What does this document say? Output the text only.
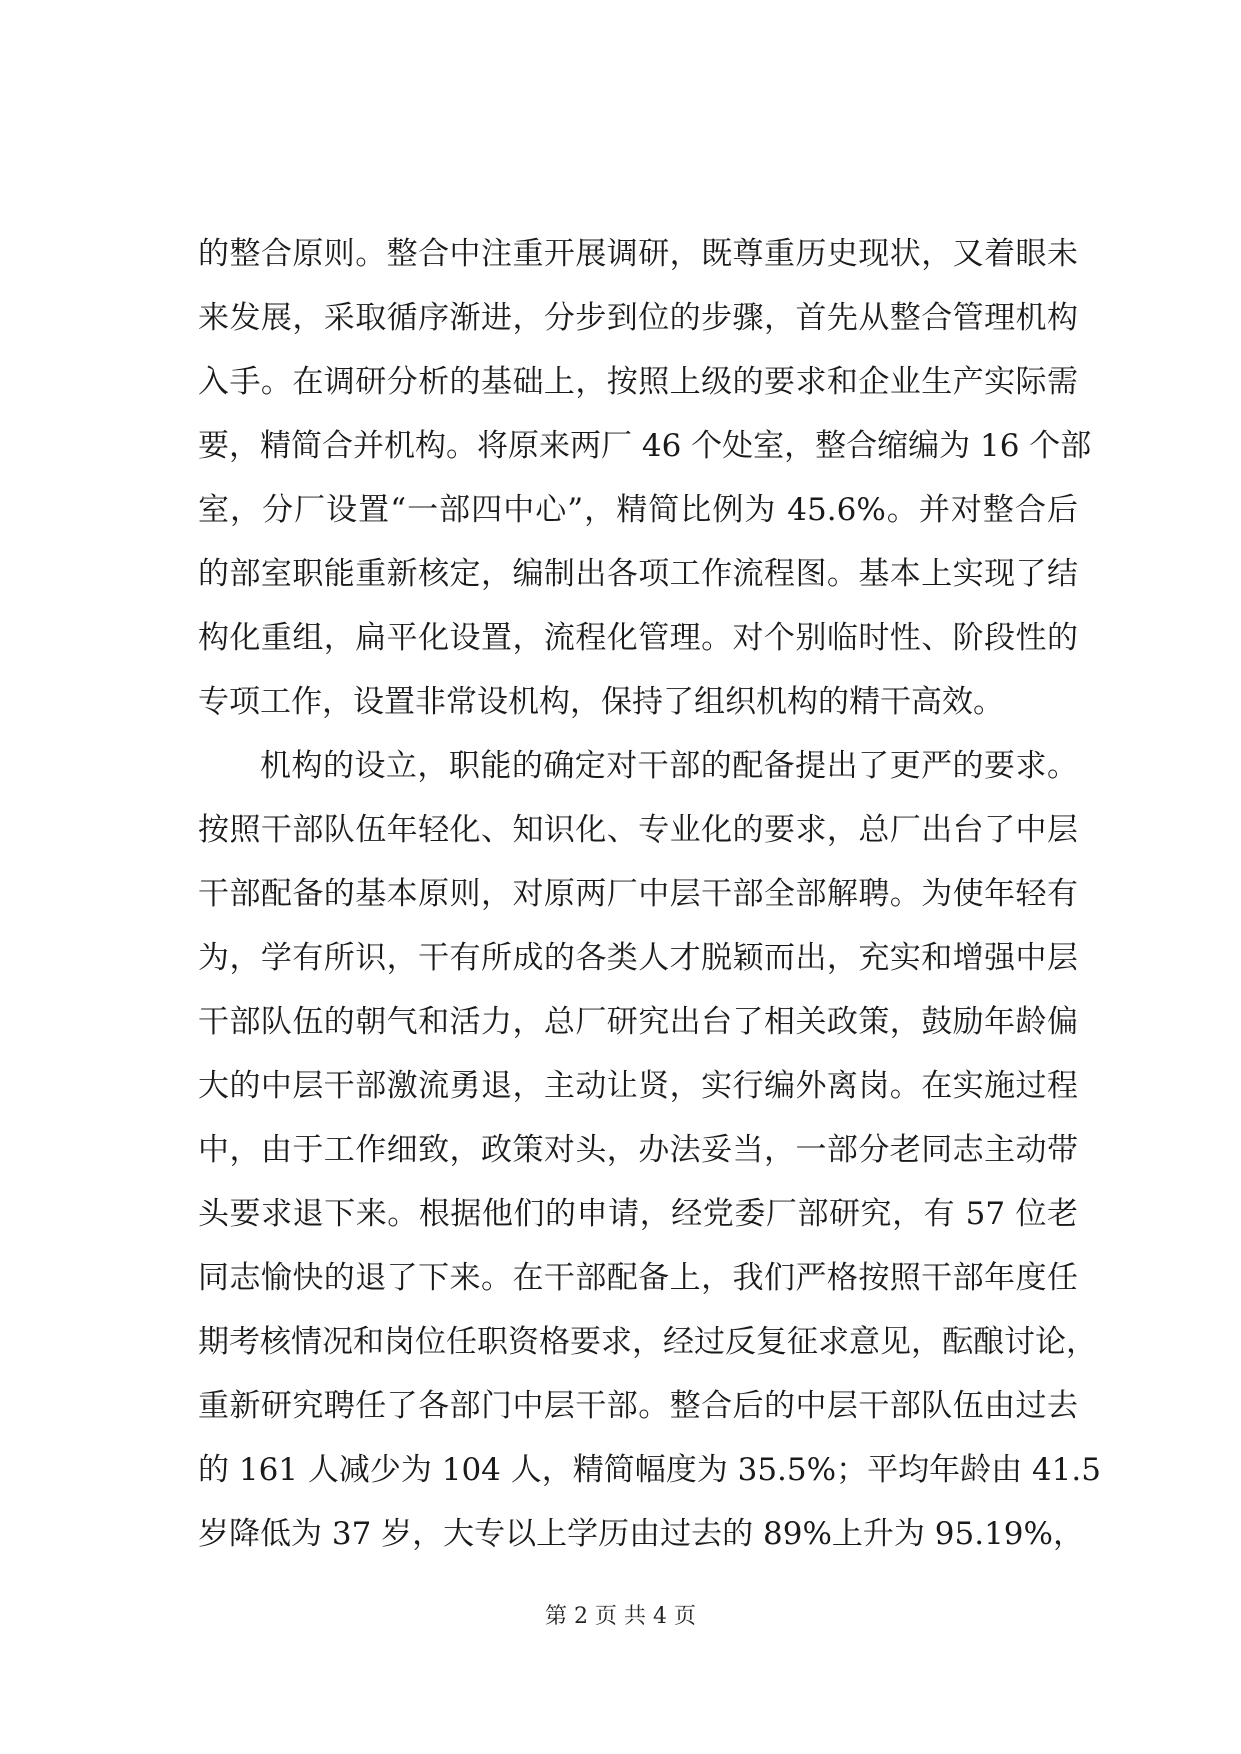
的整合原则。整合中注重开展调研，既尊重历史现状，又着眼未
来发展，采取循序渐进，分步到位的步骤，首先从整合管理机构
入手。在调研分析的基础上，按照上级的要求和企业生产实际需
要，精简合并机构。将原来两厂 46 个处室，整合缩编为 16 个部
室，分厂设置“一部四中心”，精简比例为 45.6%。并对整合后
的部室职能重新核定，编制出各项工作流程图。基本上实现了结
构化重组，扁平化设置，流程化管理。对个别临时性、阶段性的
专项工作，设置非常设机构，保持了组织机构的精干高效。
机构的设立，职能的确定对干部的配备提出了更严的要求。
按照干部队伍年轻化、知识化、专业化的要求，总厂出台了中层
干部配备的基本原则，对原两厂中层干部全部解聘。为使年轻有
为，学有所识，干有所成的各类人才脱颖而出，充实和增强中层
干部队伍的朝气和活力，总厂研究出台了相关政策，鼓励年龄偏
大的中层干部激流勇退，主动让贤，实行编外离岗。在实施过程
中，由于工作细致，政策对头，办法妥当，一部分老同志主动带
头要求退下来。根据他们的申请，经党委厂部研究，有 57 位老
同志愉快的退了下来。在干部配备上，我们严格按照干部年度任
期考核情况和岗位任职资格要求，经过反复征求意见，酝酿讨论，
重新研究聘任了各部门中层干部。整合后的中层干部队伍由过去
的 161 人减少为 104 人，精简幅度为 35.5%；平均年龄由 41.5
岁降低为 37 岁，大专以上学历由过去的 89%上升为 95.19%，
第 2 页 共 4 页
